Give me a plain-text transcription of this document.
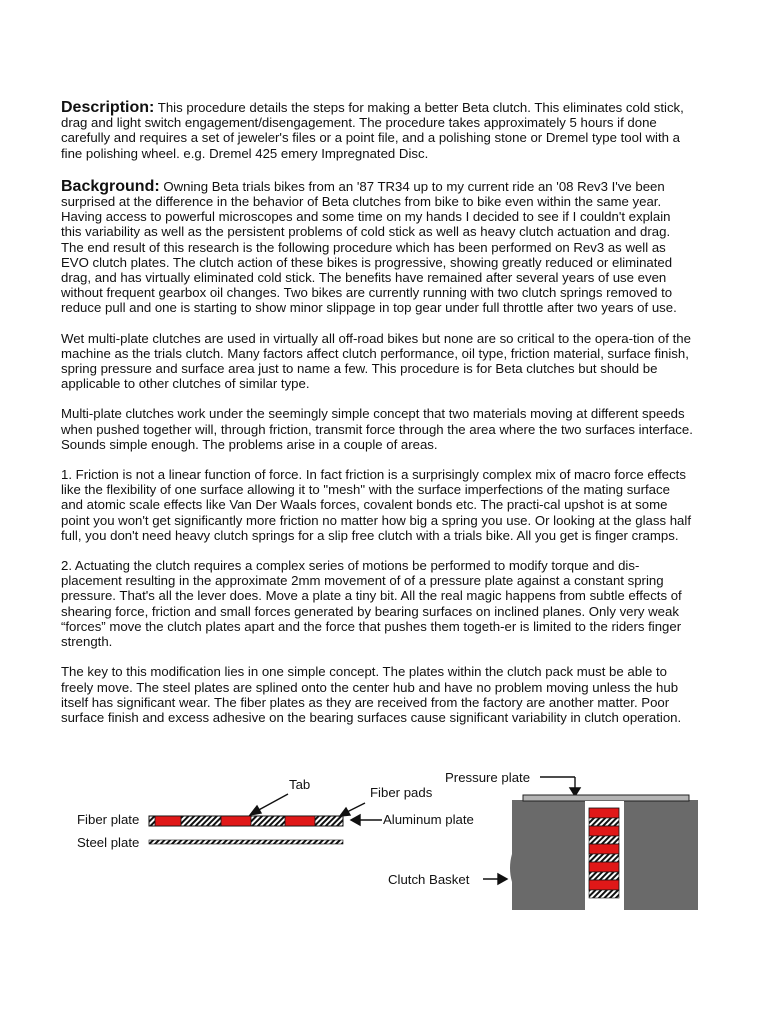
Description: This procedure details the steps for making a better Beta clutch. This eliminates cold stick, drag and light switch engagement/disengagement. The procedure takes approximately 5 hours if done carefully and requires a set of jeweler's files or a point file, and a polishing stone or Dremel type tool with a fine polishing wheel. e.g. Dremel 425 emery Impregnated Disc.

Background: Owning Beta trials bikes from an '87 TR34 up to my current ride an '08 Rev3 I've been surprised at the difference in the behavior of Beta clutches from bike to bike even within the same year. Having access to powerful microscopes and some time on my hands I decided to see if I couldn't explain this variability as well as the persistent problems of cold stick as well as heavy clutch actuation and drag. The end result of this research is the following procedure which has been performed on Rev3 as well as EVO clutch plates. The clutch action of these bikes is progressive, showing greatly reduced or eliminated drag, and has virtually eliminated cold stick. The benefits have remained after several years of use even without frequent gearbox oil changes. Two bikes are currently running with two clutch springs removed to reduce pull and one is starting to show minor slippage in top gear under full throttle after two years of use.

Wet multi-plate clutches are used in virtually all off-road bikes but none are so critical to the opera-tion of the machine as the trials clutch. Many factors affect clutch performance, oil type, friction material, surface finish, spring pressure and surface area just to name a few. This procedure is for Beta clutches but should be applicable to other clutches of similar type.

Multi-plate clutches work under the seemingly simple concept that two materials moving at different speeds when pushed together will, through friction, transmit force through the area where the two surfaces interface. Sounds simple enough. The problems arise in a couple of areas.

1. Friction is not a linear function of force. In fact friction is a surprisingly complex mix of macro force effects like the flexibility of one surface allowing it to "mesh" with the surface imperfections of the mating surface and atomic scale effects like Van Der Waals forces, covalent bonds etc. The practi-cal upshot is at some point you won't get significantly more friction no matter how big a spring you use. Or looking at the glass half full, you don't need heavy clutch springs for a slip free clutch with a trials bike. All you get is finger cramps.

2. Actuating the clutch requires a complex series of motions be performed to modify torque and dis-placement resulting in the approximate 2mm movement of of a pressure plate against a constant spring pressure. That's all the lever does. Move a plate a tiny bit. All the real magic happens from subtle effects of shearing force, friction and small forces generated by bearing surfaces on inclined planes. Only very weak “forces” move the clutch plates apart and the force that pushes them togeth-er is limited to the riders finger strength.

The key to this modification lies in one simple concept. The plates within the clutch pack must be able to freely move. The steel plates are splined onto the center hub and have no problem moving unless the hub itself has significant wear. The fiber plates as they are received from the factory are another matter. Poor surface finish and excess adhesive on the bearing surfaces cause significant variability in clutch operation.

Tab
Fiber pads
Fiber plate	Aluminum plate
Steel plate
Pressure plate
Clutch Basket
